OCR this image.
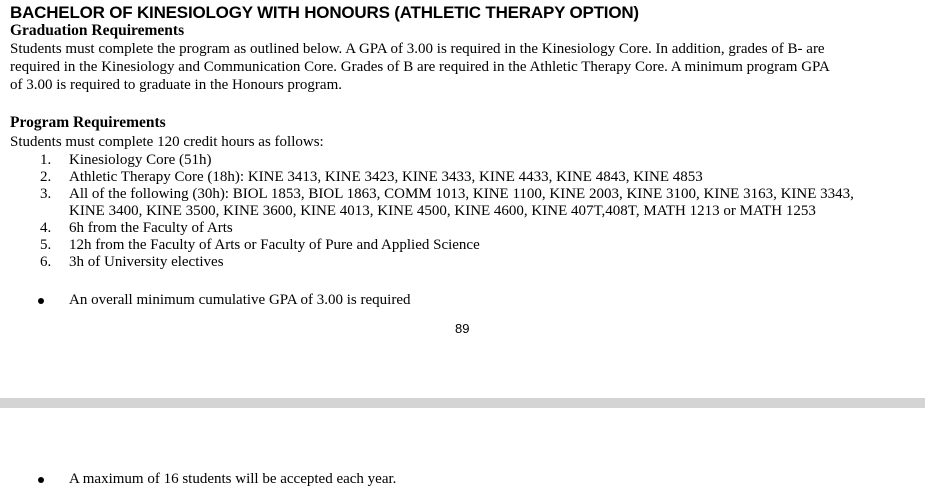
BACHELOR OF KINESIOLOGY WITH HONOURS (ATHLETIC THERAPY OPTION)
Graduation Requirements
Students must complete the program as outlined below. A GPA of 3.00 is required in the Kinesiology Core. In addition, grades of B- are
required in the Kinesiology and Communication Core. Grades of B are required in the Athletic Therapy Core. A minimum program GPA
of 3.00 is required to graduate in the Honours program.
Program Requirements
Students must complete 120 credit hours as follows:
1. Kinesiology Core (51h)
2. Athletic Therapy Core (18h): KINE 3413, KINE 3423, KINE 3433, KINE 4433, KINE 4843, KINE 4853
3. All of the following (30h): BIOL 1853, BIOL 1863, COMM 1013, KINE 1100, KINE 2003, KINE 3100, KINE 3163, KINE 3343,
KINE 3400, KINE 3500, KINE 3600, KINE 4013, KINE 4500, KINE 4600, KINE 407T,408T, MATH 1213 or MATH 1253
4. 6h from the Faculty of Arts
5. 12h from the Faculty of Arts or Faculty of Pure and Applied Science
6. 3h of University electives
An overall minimum cumulative GPA of 3.00 is required
89
A maximum of 16 students will be accepted each year.
